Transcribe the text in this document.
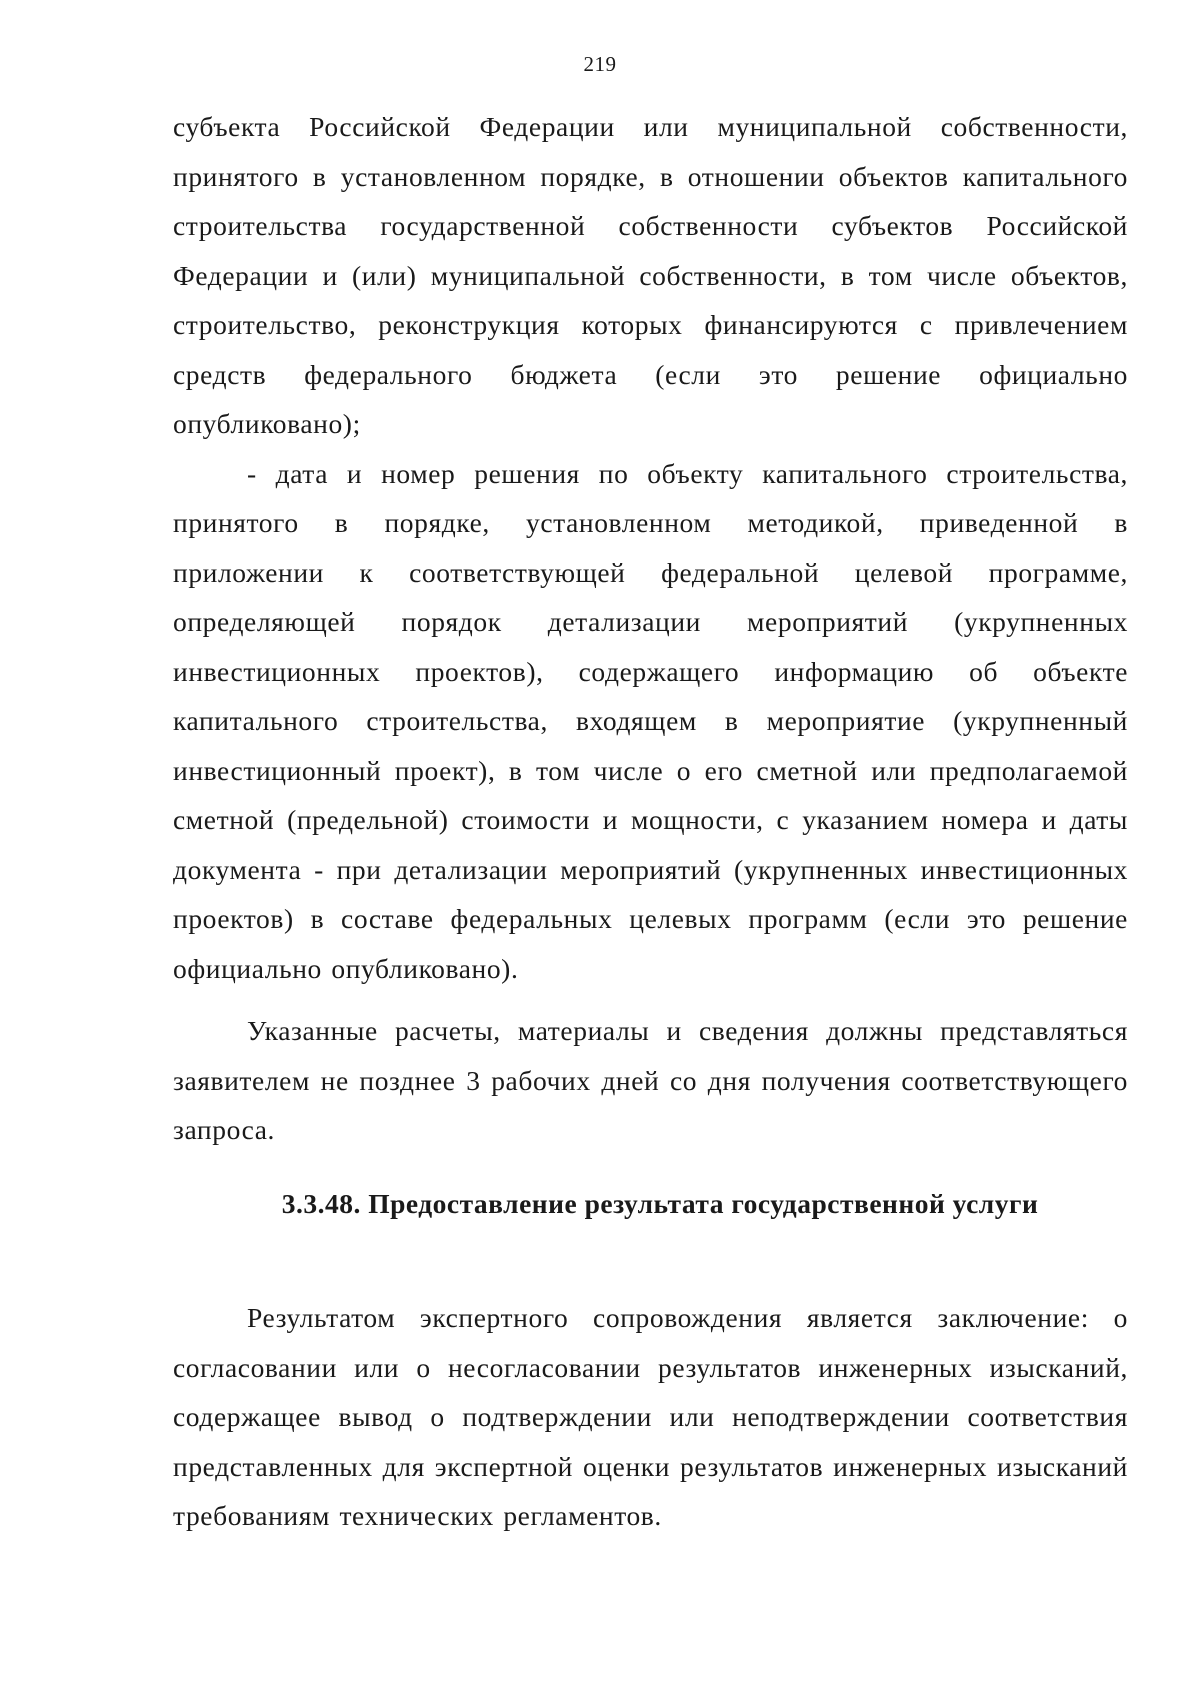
219

субъекта Российской Федерации или муниципальной собственности, принятого в установленном порядке, в отношении объектов капитального строительства государственной собственности субъектов Российской Федерации и (или) муниципальной собственности, в том числе объектов, строительство, реконструкция которых финансируются с привлечением средств федерального бюджета (если это решение официально опубликовано);

- дата и номер решения по объекту капитального строительства, принятого в порядке, установленном методикой, приведенной в приложении к соответствующей федеральной целевой программе, определяющей порядок детализации мероприятий (укрупненных инвестиционных проектов), содержащего информацию об объекте капитального строительства, входящем в мероприятие (укрупненный инвестиционный проект), в том числе о его сметной или предполагаемой сметной (предельной) стоимости и мощности, с указанием номера и даты документа - при детализации мероприятий (укрупненных инвестиционных проектов) в составе федеральных целевых программ (если это решение официально опубликовано).

Указанные расчеты, материалы и сведения должны представляться заявителем не позднее 3 рабочих дней со дня получения соответствующего запроса.

3.3.48. Предоставление результата государственной услуги

Результатом экспертного сопровождения является заключение: о согласовании или о несогласовании результатов инженерных изысканий, содержащее вывод о подтверждении или неподтверждении соответствия представленных для экспертной оценки результатов инженерных изысканий требованиям технических регламентов.
